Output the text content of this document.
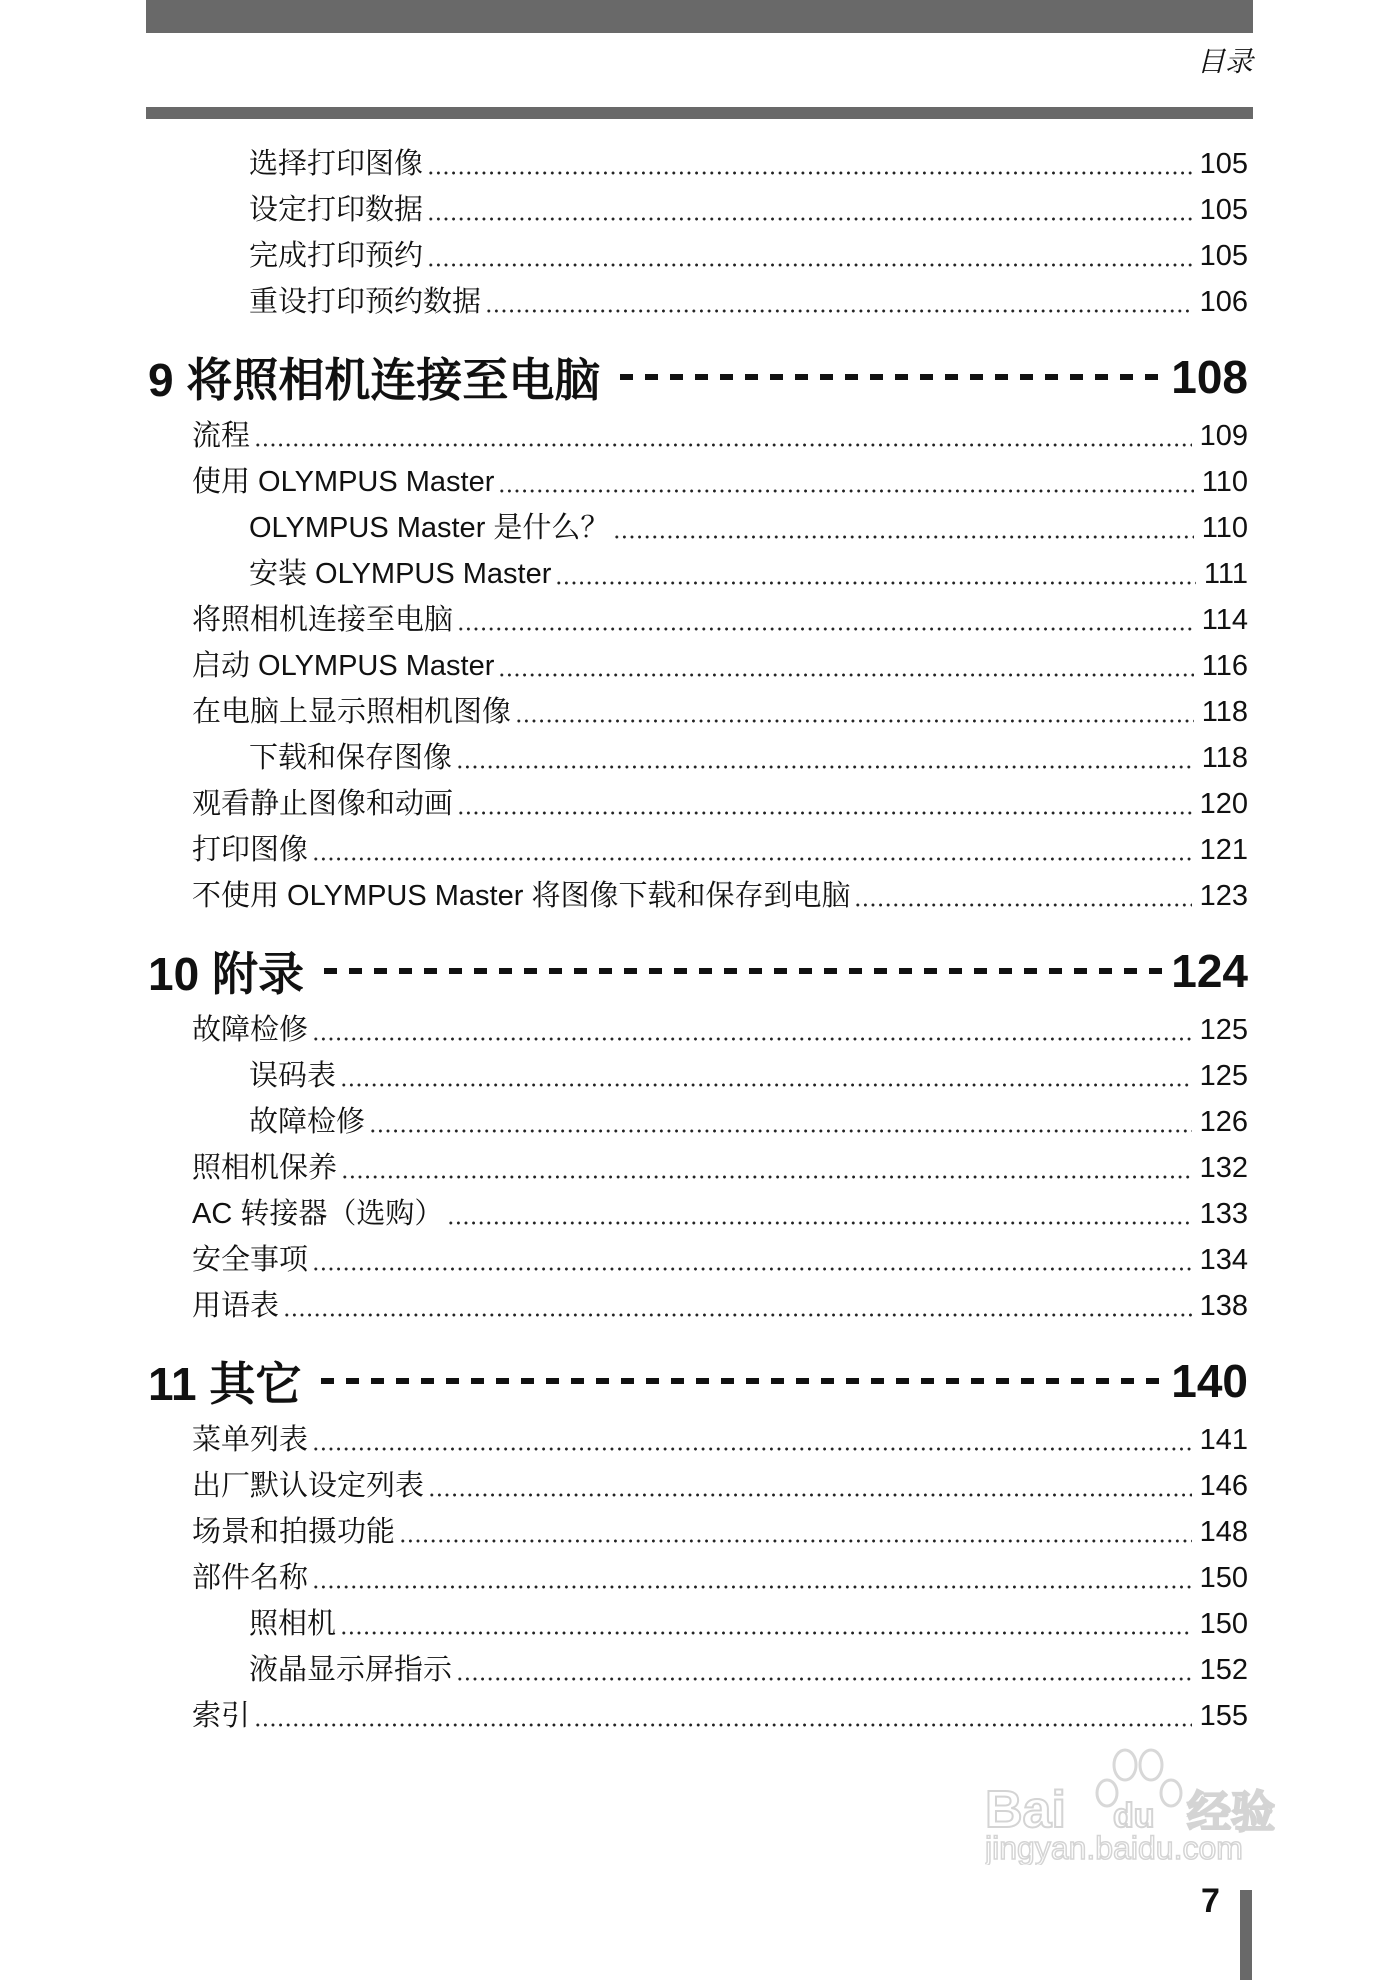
目录
选择打印图像	105
设定打印数据	105
完成打印预约	105
重设打印预约数据	106
9 将照相机连接至电脑	108
流程	109
使用 OLYMPUS Master	110
OLYMPUS Master 是什么？	110
安装 OLYMPUS Master	111
将照相机连接至电脑	114
启动 OLYMPUS Master	116
在电脑上显示照相机图像	118
下载和保存图像	118
观看静止图像和动画	120
打印图像	121
不使用 OLYMPUS Master 将图像下载和保存到电脑	123
10 附录	124
故障检修	125
误码表	125
故障检修	126
照相机保养	132
AC 转接器（选购）	133
安全事项	134
用语表	138
11 其它	140
菜单列表	141
出厂默认设定列表	146
场景和拍摄功能	148
部件名称	150
照相机	150
液晶显示屏指示	152
索引	155
7
Bai du 经验
jingyan.baidu.com
